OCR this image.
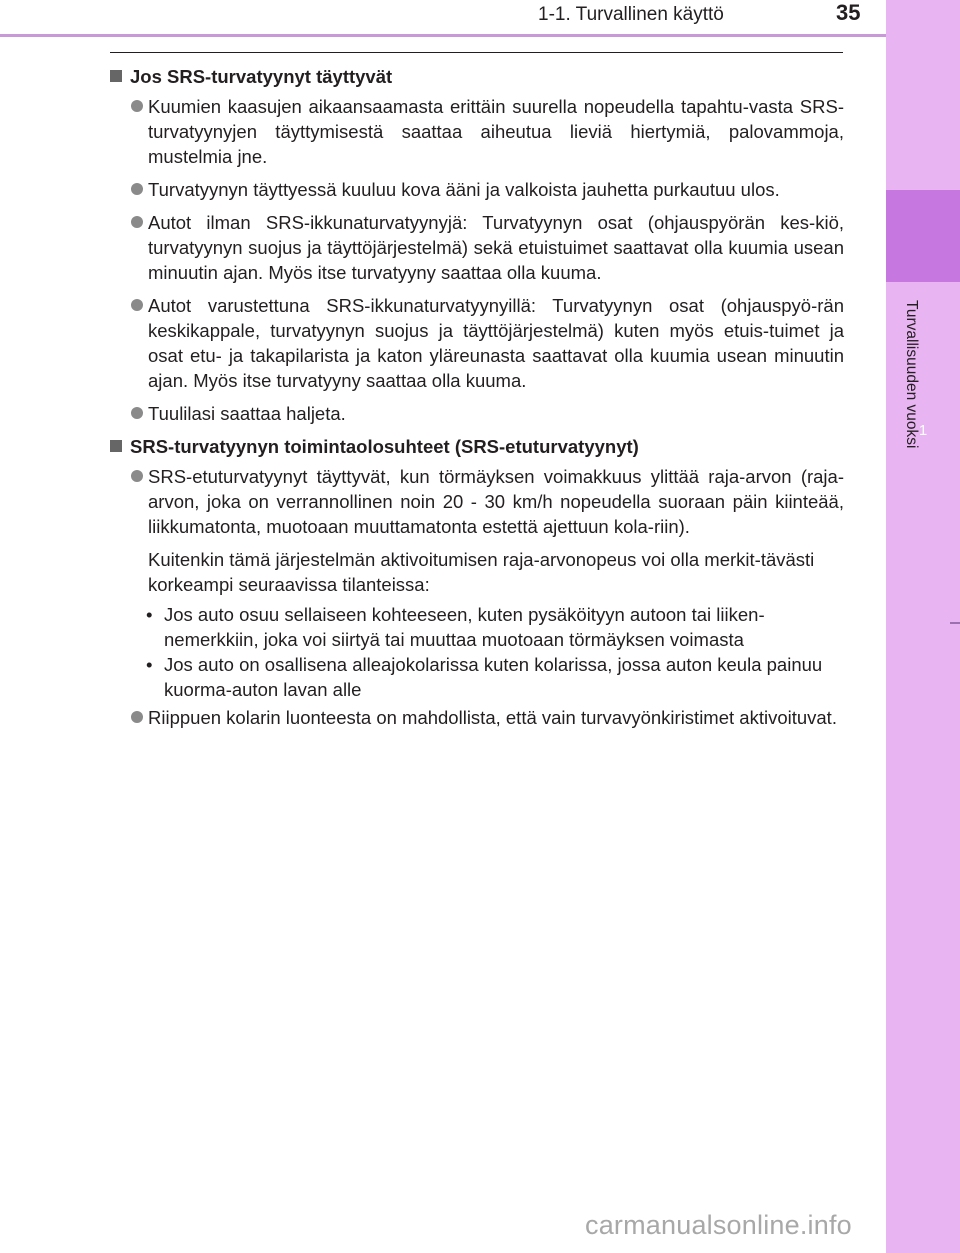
1
Turvallisuuden vuoksi
1-1. Turvallinen käyttö	35
Jos SRS-turvatyynyt täyttyvät
Kuumien kaasujen aikaansaamasta erittäin suurella nopeudella tapahtu-vasta SRS-turvatyynyjen täyttymisestä saattaa aiheutua lieviä hiertymiä, palovammoja, mustelmia jne.
Turvatyynyn täyttyessä kuuluu kova ääni ja valkoista jauhetta purkautuu ulos.
Autot ilman SRS-ikkunaturvatyynyjä: Turvatyynyn osat (ohjauspyörän kes-kiö, turvatyynyn suojus ja täyttöjärjestelmä) sekä etuistuimet saattavat olla kuumia usean minuutin ajan. Myös itse turvatyyny saattaa olla kuuma.
Autot varustettuna SRS-ikkunaturvatyynyillä: Turvatyynyn osat (ohjauspyö-rän keskikappale, turvatyynyn suojus ja täyttöjärjestelmä) kuten myös etuis-tuimet ja osat etu- ja takapilarista ja katon yläreunasta saattavat olla kuumia usean minuutin ajan. Myös itse turvatyyny saattaa olla kuuma.
Tuulilasi saattaa haljeta.
SRS-turvatyynyn toimintaolosuhteet (SRS-etuturvatyynyt)
SRS-etuturvatyynyt täyttyvät, kun törmäyksen voimakkuus ylittää raja-arvon (raja-arvon, joka on verrannollinen noin 20 - 30 km/h nopeudella suoraan päin kiinteää, liikkumatonta, muotoaan muuttamatonta estettä ajettuun kola-riin).
Kuitenkin tämä järjestelmän aktivoitumisen raja-arvonopeus voi olla merkit-tävästi korkeampi seuraavissa tilanteissa:
• Jos auto osuu sellaiseen kohteeseen, kuten pysäköityyn autoon tai liiken-nemerkkiin, joka voi siirtyä tai muuttaa muotoaan törmäyksen voimasta
• Jos auto on osallisena alleajokolarissa kuten kolarissa, jossa auton keula painuu kuorma-auton lavan alle
Riippuen kolarin luonteesta on mahdollista, että vain turvavyönkiristimet aktivoituvat.
carmanualsonline.info
